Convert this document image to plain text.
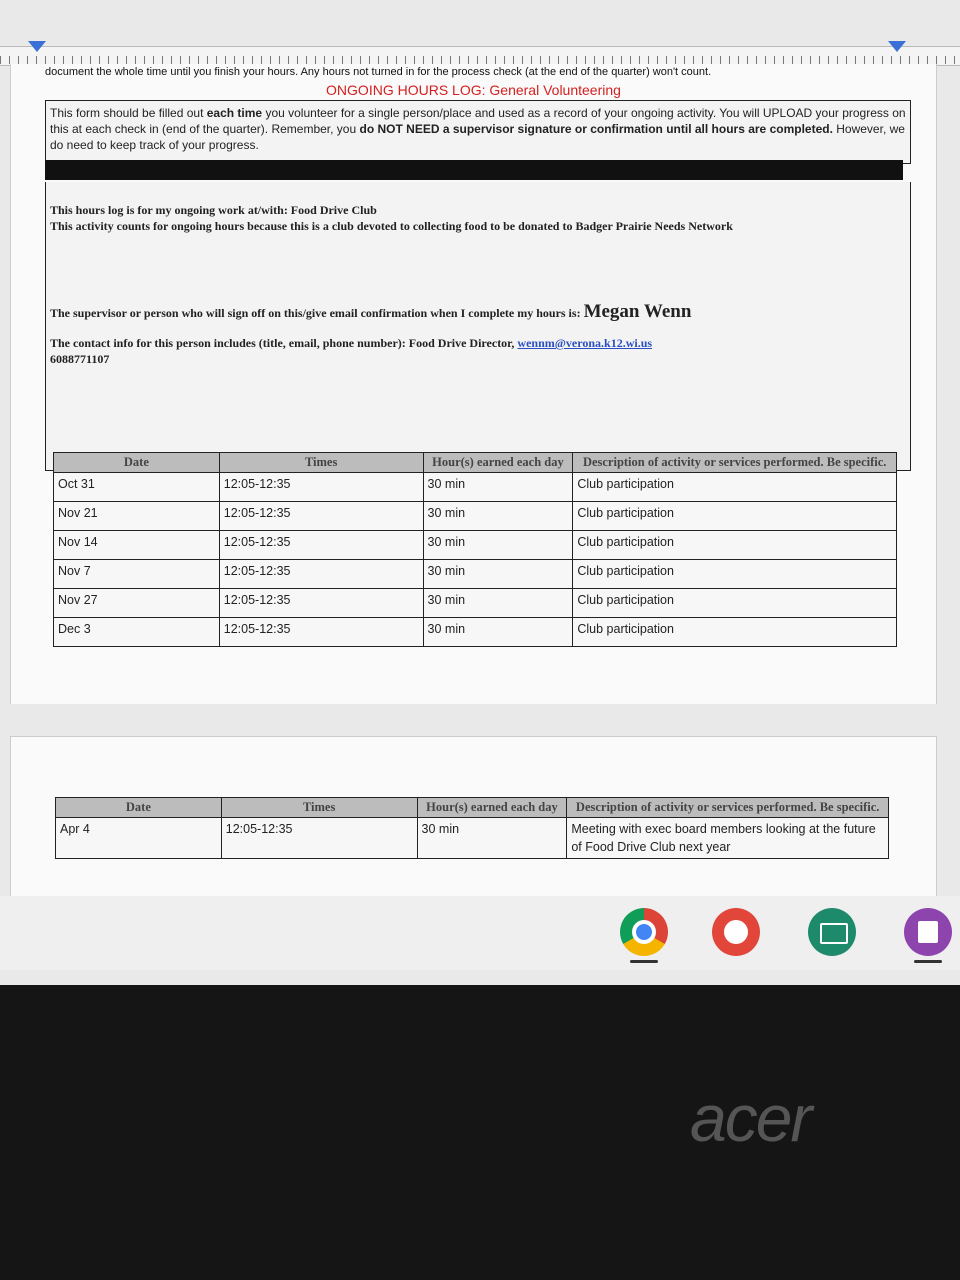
document the whole time until you finish your hours. Any hours not turned in for the process check (at the end of the quarter) won't count.
ONGOING HOURS LOG: General Volunteering

This form should be filled out each time you volunteer for a single person/place and used as a record of your ongoing activity. You will UPLOAD your progress on this at each check in (end of the quarter). Remember, you do NOT NEED a supervisor signature or confirmation until all hours are completed. However, we do need to keep track of your progress.

This hours log is for my ongoing work at/with: Food Drive Club

This activity counts for ongoing hours because this is a club devoted to collecting food to be donated to Badger Prairie Needs Network

The supervisor or person who will sign off on this/give email confirmation when I complete my hours is: Megan Wenn

The contact info for this person includes (title, email, phone number): Food Drive Director, wennm@verona.k12.wi.us
6088771107

Date	Times	Hour(s) earned each day	Description of activity or services performed. Be specific.
Oct 31	12:05-12:35	30 min	Club participation
Nov 21	12:05-12:35	30 min	Club participation
Nov 14	12:05-12:35	30 min	Club participation
Nov 7	12:05-12:35	30 min	Club participation
Nov 27	12:05-12:35	30 min	Club participation
Dec 3	12:05-12:35	30 min	Club participation
Date	Times	Hour(s) earned each day	Description of activity or services performed. Be specific.
Apr 4	12:05-12:35	30 min	Meeting with exec board members looking at the future of Food Drive Club next year
acer
